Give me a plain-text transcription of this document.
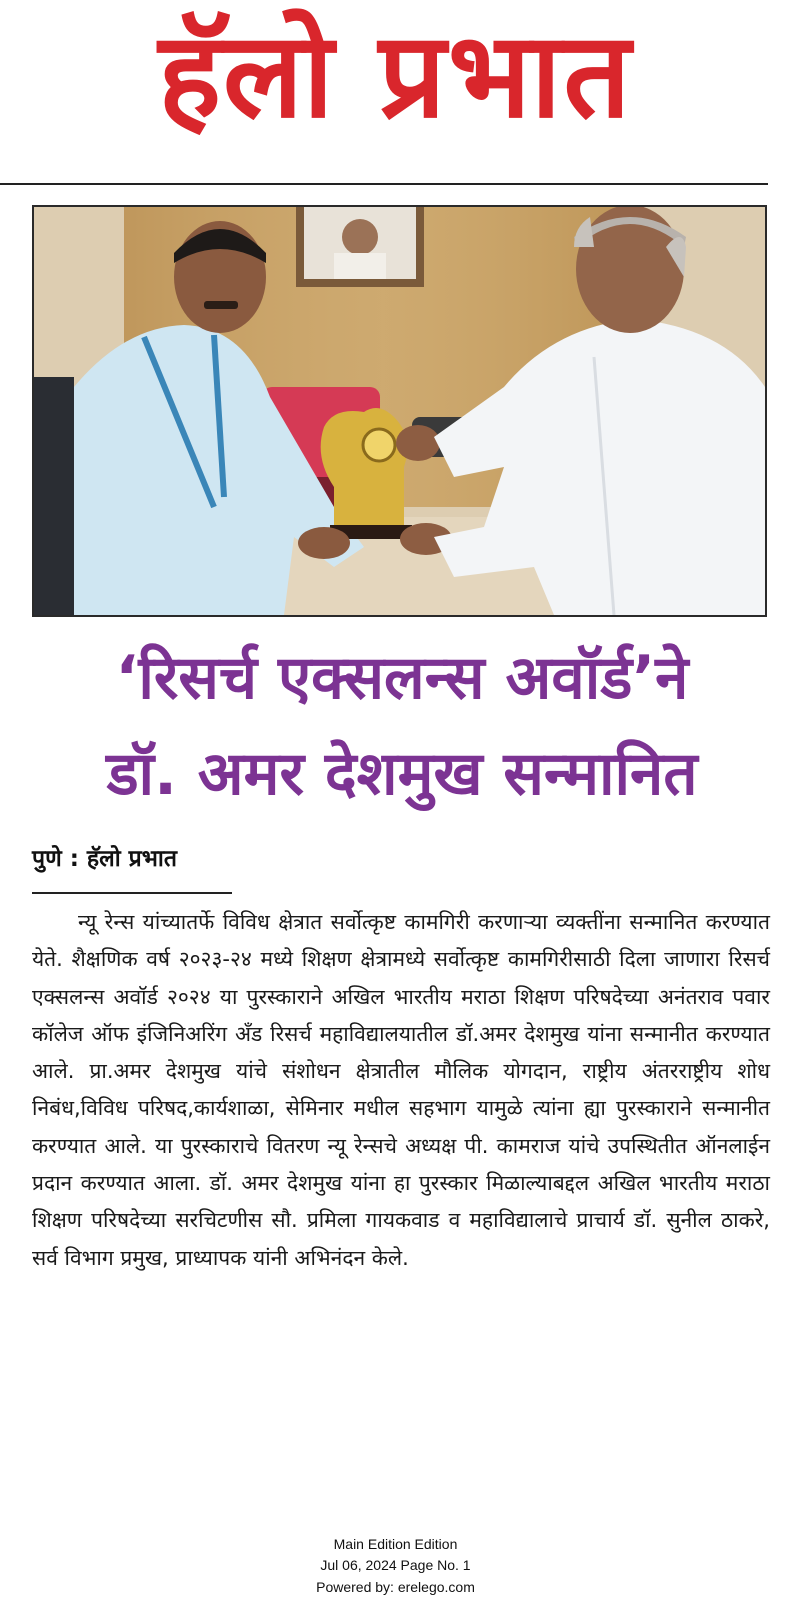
हॅलो प्रभात
‘रिसर्च एक्सलन्स अवॉर्ड’ने
डॉ. अमर देशमुख सन्मानित
पुणे : हॅलो प्रभात

न्यू रेन्स यांच्यातर्फे विविध क्षेत्रात सर्वोत्कृष्ट कामगिरी करणाऱ्या व्यक्तींना सन्मानित करण्यात येते. शैक्षणिक वर्ष २०२३-२४ मध्ये शिक्षण क्षेत्रामध्ये सर्वोत्कृष्ट कामगिरीसाठी दिला जाणारा रिसर्च एक्सलन्स अवॉर्ड २०२४ या पुरस्काराने अखिल भारतीय मराठा शिक्षण परिषदेच्या अनंतराव पवार कॉलेज ऑफ इंजिनिअरिंग अँड रिसर्च महाविद्यालयातील डॉ.अमर देशमुख यांना सन्मानीत करण्यात आले. प्रा.अमर देशमुख यांचे संशोधन क्षेत्रातील मौलिक योगदान, राष्ट्रीय अंतरराष्ट्रीय शोध निबंध,विविध परिषद,कार्यशाळा, सेमिनार मधील सहभाग यामुळे त्यांना ह्या पुरस्काराने सन्मानीत करण्यात आले. या पुरस्काराचे वितरण न्यू रेन्सचे अध्यक्ष पी. कामराज यांचे उपस्थितीत ऑनलाईन प्रदान करण्यात आला. डॉ. अमर देशमुख यांना हा पुरस्कार मिळाल्याबद्दल अखिल भारतीय मराठा शिक्षण परिषदेच्या सरचिटणीस सौ. प्रमिला गायकवाड व महाविद्यालाचे प्राचार्य डॉ. सुनील ठाकरे, सर्व विभाग प्रमुख, प्राध्यापक यांनी अभिनंदन केले.

Main Edition Edition
Jul 06, 2024 Page No. 1
Powered by: erelego.com
